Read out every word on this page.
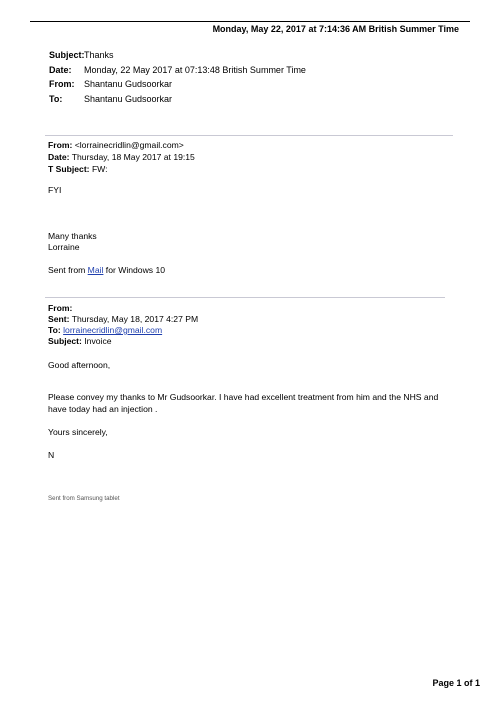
Monday, May 22, 2017 at 7:14:36 AM British Summer Time
Subject: Thanks
Date:	Monday, 22 May 2017 at 07:13:48 British Summer Time
From:	Shantanu Gudsoorkar
To:	Shantanu Gudsoorkar
From: <lorrainecridlin@gmail.com>
Date: Thursday, 18 May 2017 at 19:15
T Subject: FW:
FYI
Many thanks
Lorraine
Sent from Mail for Windows 10
From:
Sent: Thursday, May 18, 2017 4:27 PM
To: lorrainecridlin@gmail.com
Subject: Invoice
Good afternoon,
Please convey my thanks to Mr Gudsoorkar. I have had excellent treatment from him and the NHS and
have today had an injection .
Yours sincerely,
N
Sent from Samsung tablet
Page 1 of 1
